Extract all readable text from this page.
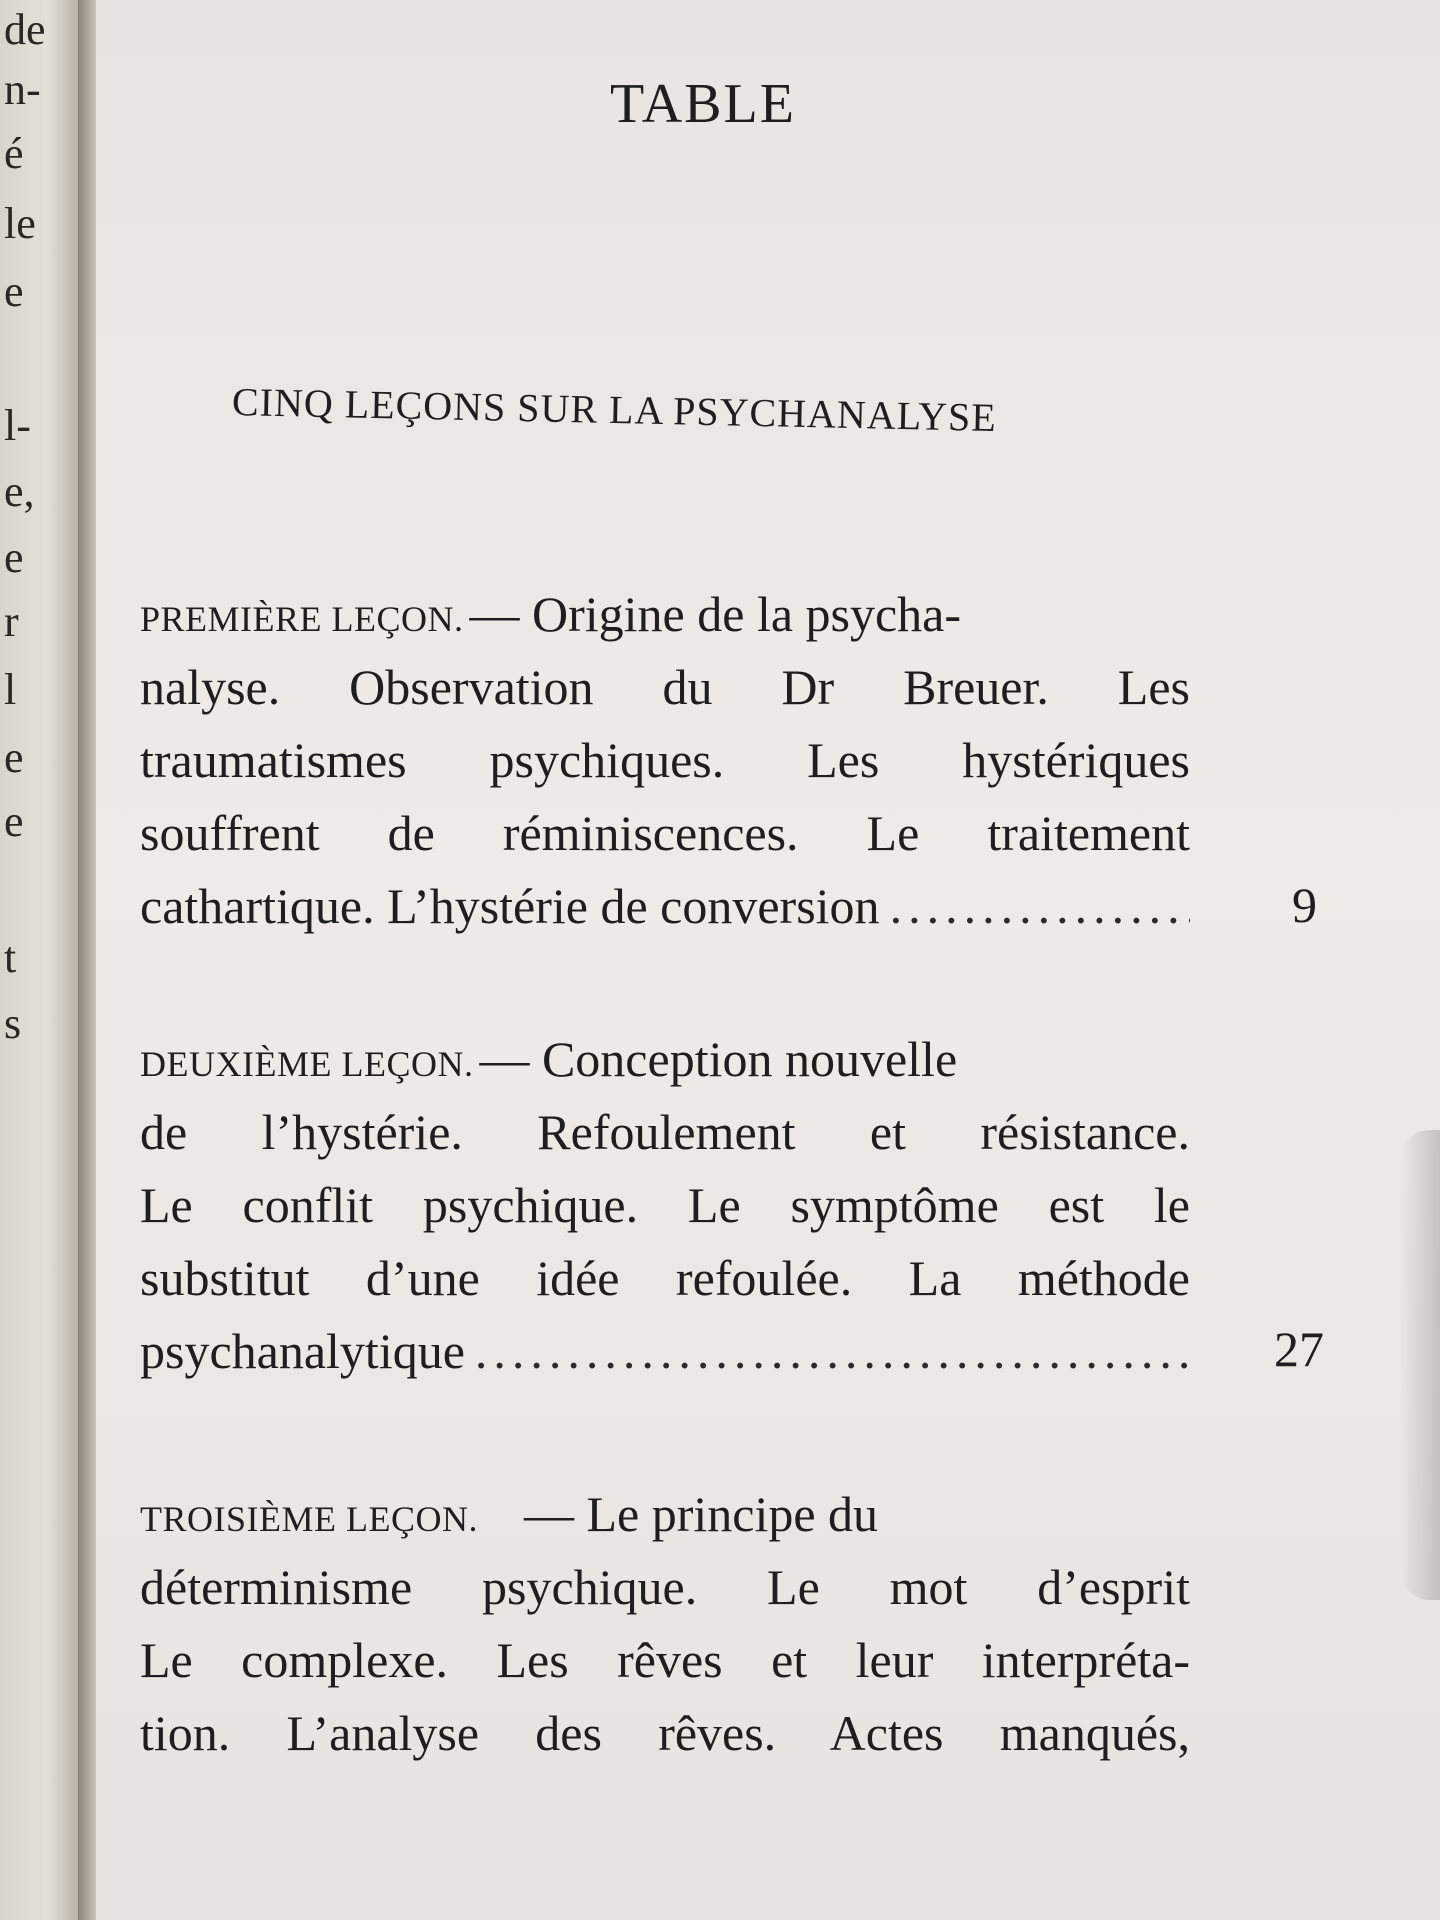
de
n-
é
le
e
l-
e,
e
r
l
e
e
t
s
TABLE
CINQ LEÇONS SUR LA PSYCHANALYSE
PREMIÈRE LEÇON. — Origine de la psycha-
nalyse. Observation du Dr Breuer. Les
traumatismes psychiques. Les hystériques
souffrent de réminiscences. Le traitement
cathartique. L’hystérie de conversion .....	9
DEUXIÈME LEÇON. — Conception nouvelle
de l’hystérie. Refoulement et résistance.
Le conflit psychique. Le symptôme est le
substitut d’une idée refoulée. La méthode
psychanalytique .....	27
TROISIÈME LEÇON. — Le principe du
déterminisme psychique. Le mot d’esprit
Le complexe. Les rêves et leur interpréta-
tion. L’analyse des rêves. Actes manqués,
